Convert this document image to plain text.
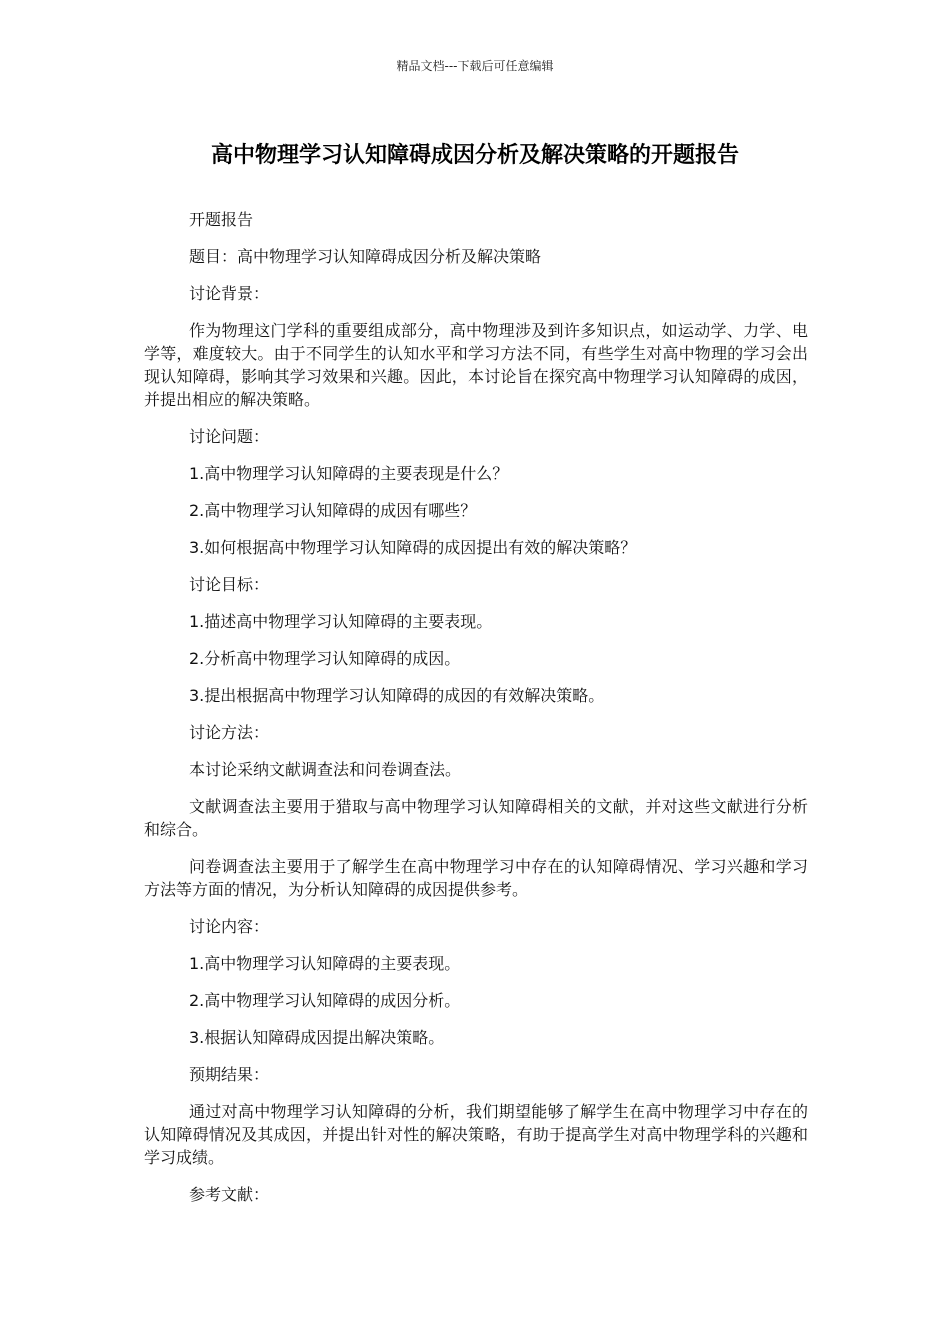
精品文档---下载后可任意编辑
高中物理学习认知障碍成因分析及解决策略的开题报告

开题报告

题目：高中物理学习认知障碍成因分析及解决策略

讨论背景：

作为物理这门学科的重要组成部分，高中物理涉及到许多知识点，如运动学、力学、电学等，难度较大。由于不同学生的认知水平和学习方法不同，有些学生对高中物理的学习会出现认知障碍，影响其学习效果和兴趣。因此，本讨论旨在探究高中物理学习认知障碍的成因，并提出相应的解决策略。

讨论问题：

1.高中物理学习认知障碍的主要表现是什么？

2.高中物理学习认知障碍的成因有哪些？

3.如何根据高中物理学习认知障碍的成因提出有效的解决策略？

讨论目标：

1.描述高中物理学习认知障碍的主要表现。

2.分析高中物理学习认知障碍的成因。

3.提出根据高中物理学习认知障碍的成因的有效解决策略。

讨论方法：

本讨论采纳文献调查法和问卷调查法。

文献调查法主要用于猎取与高中物理学习认知障碍相关的文献，并对这些文献进行分析和综合。

问卷调查法主要用于了解学生在高中物理学习中存在的认知障碍情况、学习兴趣和学习方法等方面的情况，为分析认知障碍的成因提供参考。

讨论内容：

1.高中物理学习认知障碍的主要表现。

2.高中物理学习认知障碍的成因分析。

3.根据认知障碍成因提出解决策略。

预期结果：

通过对高中物理学习认知障碍的分析，我们期望能够了解学生在高中物理学习中存在的认知障碍情况及其成因，并提出针对性的解决策略，有助于提高学生对高中物理学科的兴趣和学习成绩。

参考文献：
